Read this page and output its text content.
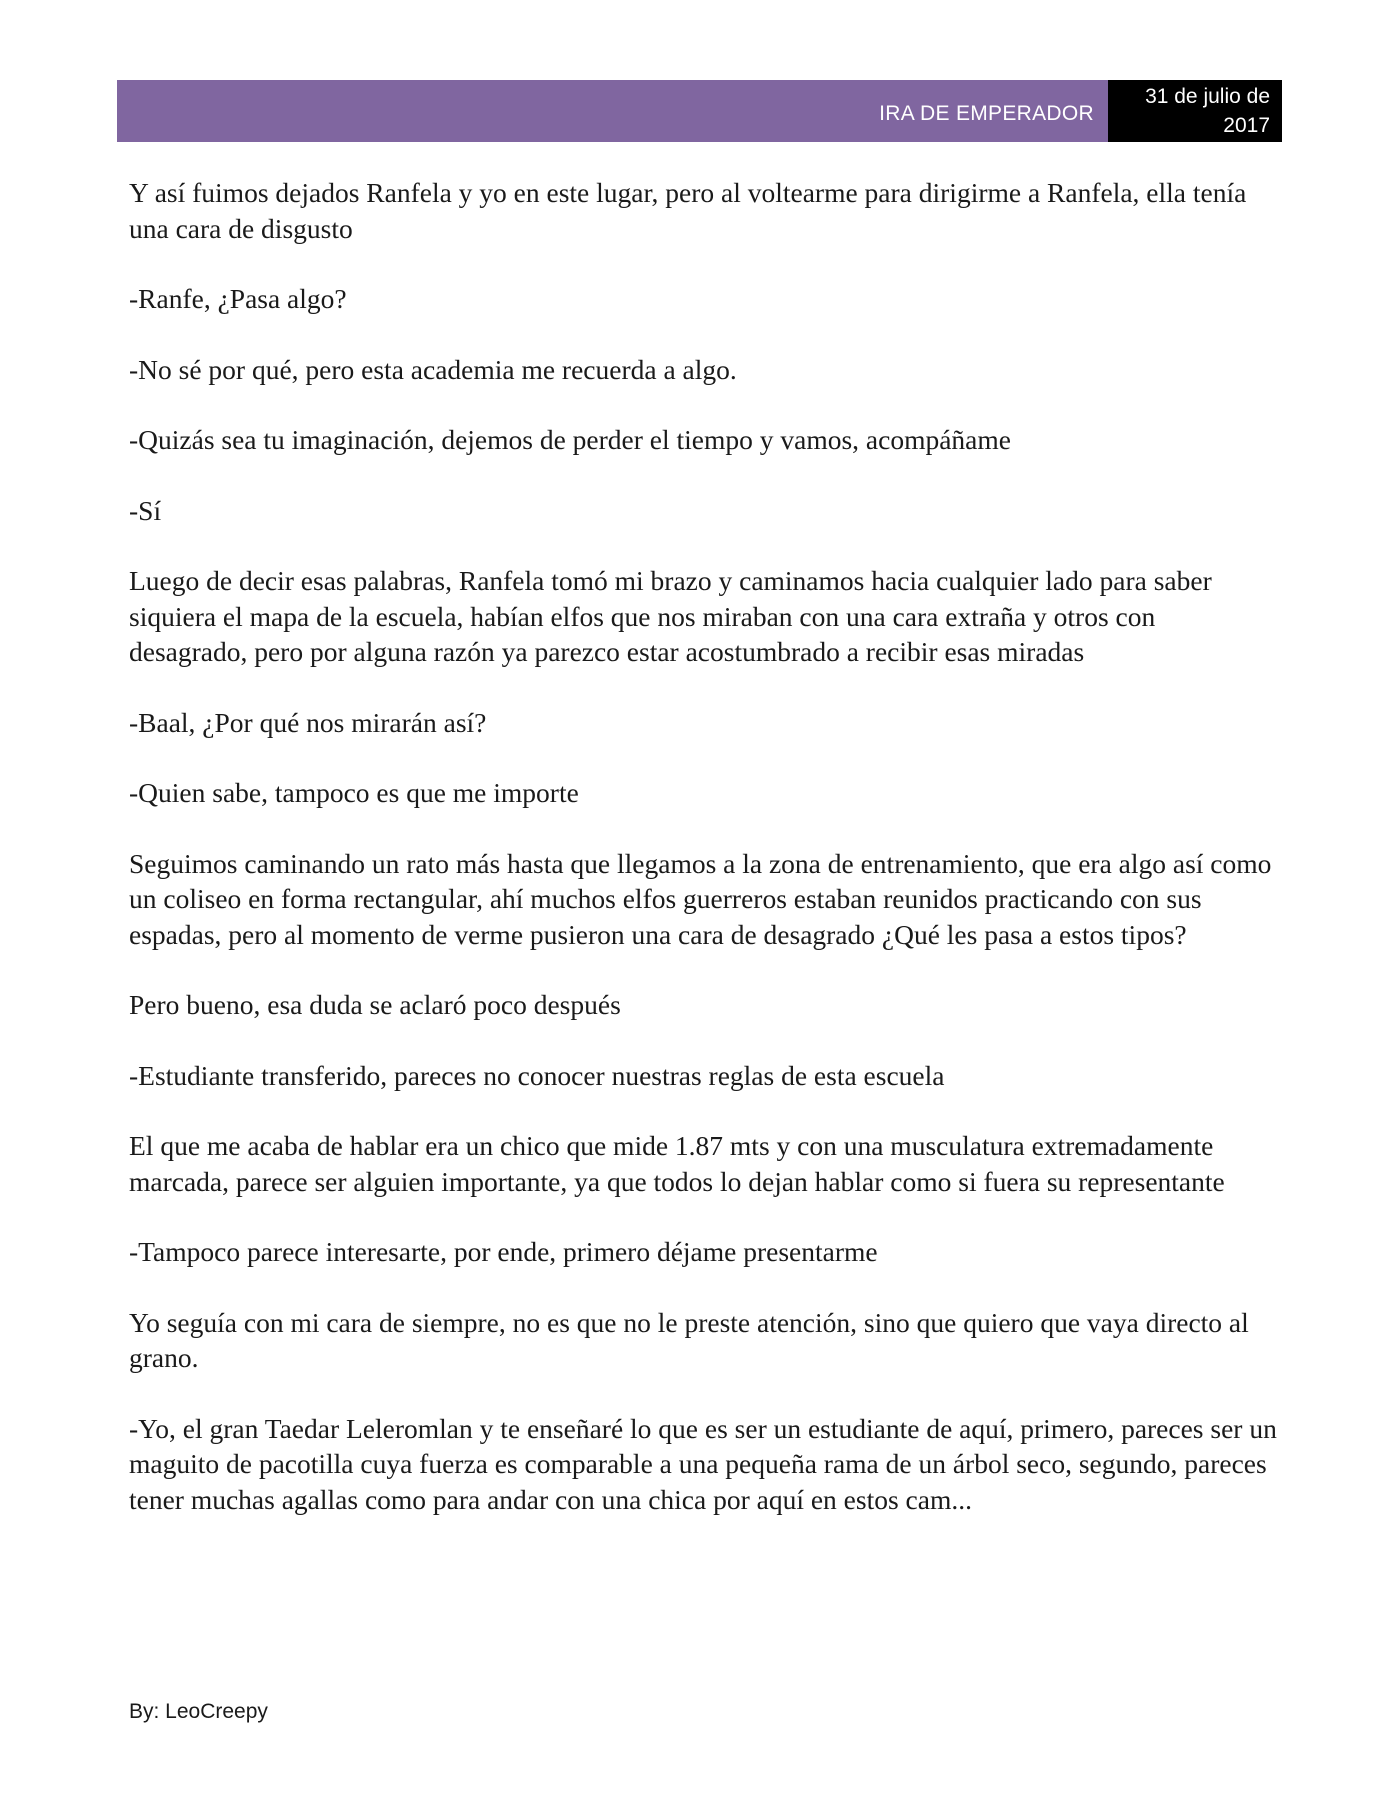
IRA DE EMPERADOR
31 de julio de
2017

Y así fuimos dejados Ranfela y yo en este lugar, pero al voltearme para dirigirme a Ranfela, ella tenía una cara de disgusto

-Ranfe, ¿Pasa algo?

-No sé por qué, pero esta academia me recuerda a algo.

-Quizás sea tu imaginación, dejemos de perder el tiempo y vamos, acompáñame

-Sí

Luego de decir esas palabras, Ranfela tomó mi brazo y caminamos hacia cualquier lado para saber siquiera el mapa de la escuela, habían elfos que nos miraban con una cara extraña y otros con desagrado, pero por alguna razón ya parezco estar acostumbrado a recibir esas miradas

-Baal, ¿Por qué nos mirarán así?

-Quien sabe, tampoco es que me importe

Seguimos caminando un rato más hasta que llegamos a la zona de entrenamiento, que era algo así como un coliseo en forma rectangular, ahí muchos elfos guerreros estaban reunidos practicando con sus espadas, pero al momento de verme pusieron una cara de desagrado ¿Qué les pasa a estos tipos?

Pero bueno, esa duda se aclaró poco después

-Estudiante transferido, pareces no conocer nuestras reglas de esta escuela

El que me acaba de hablar era un chico que mide 1.87 mts y con una musculatura extremadamente marcada, parece ser alguien importante, ya que todos lo dejan hablar como si fuera su representante

-Tampoco parece interesarte, por ende, primero déjame presentarme

Yo seguía con mi cara de siempre, no es que no le preste atención, sino que quiero que vaya directo al grano.

-Yo, el gran Taedar Leleromlan y te enseñaré lo que es ser un estudiante de aquí, primero, pareces ser un maguito de pacotilla cuya fuerza es comparable a una pequeña rama de un árbol seco, segundo, pareces tener muchas agallas como para andar con una chica por aquí en estos cam...

By: LeoCreepy
